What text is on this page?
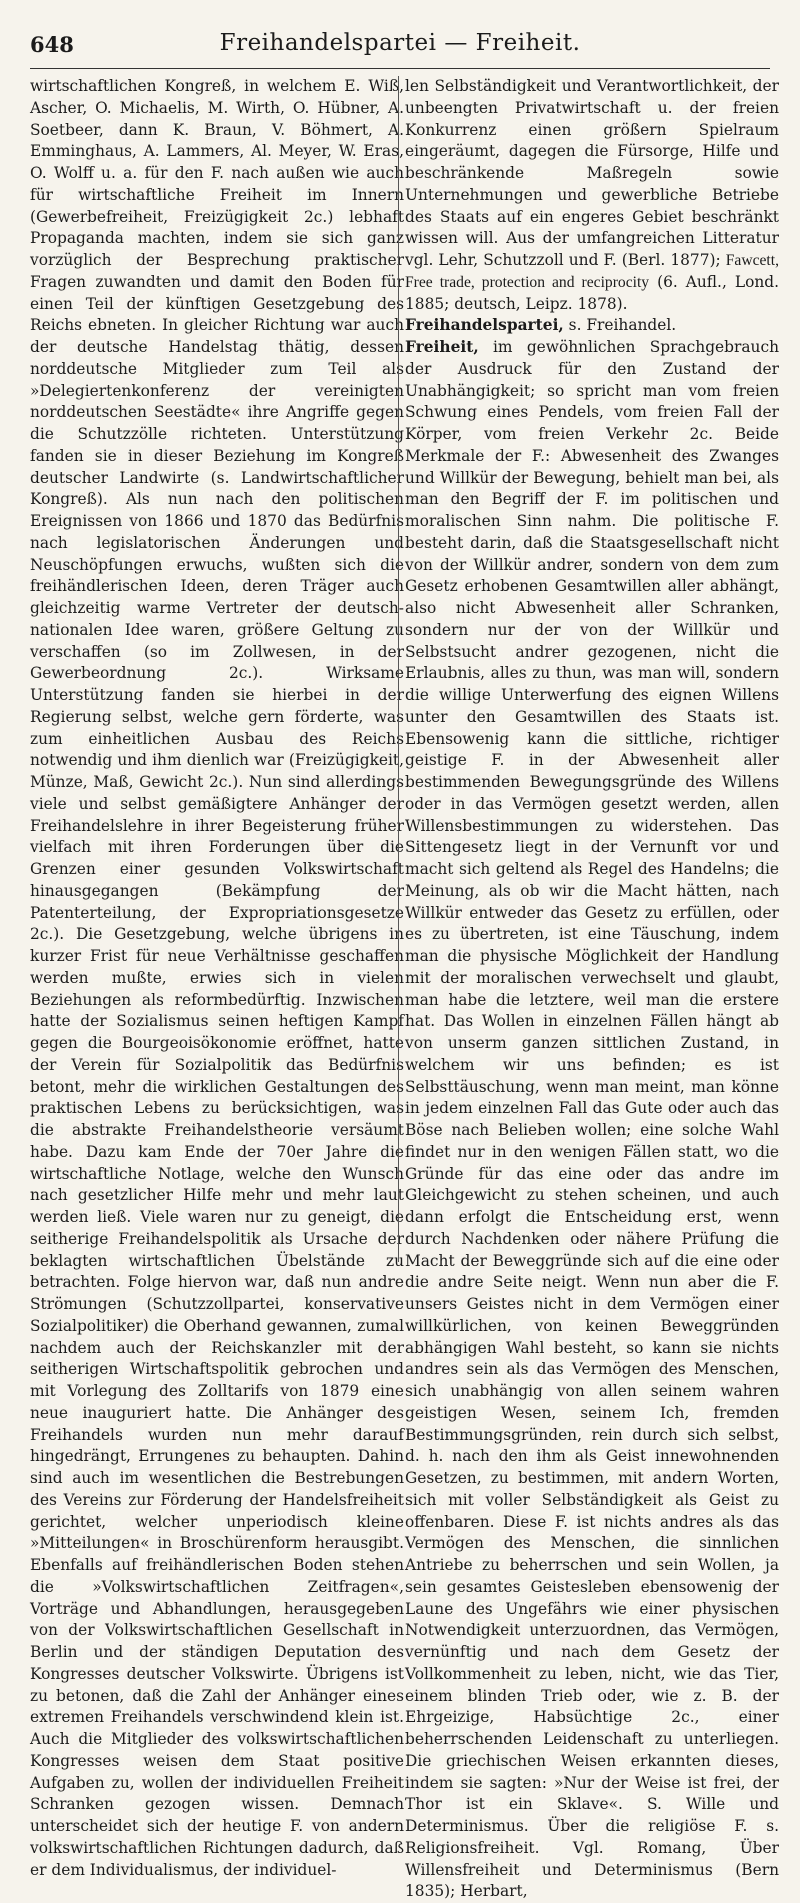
648	Freihandelspartei — Freiheit.

wirtschaftlichen Kongreß, in welchem E. Wiß, Ascher, O. Michaelis, M. Wirth, O. Hübner, A. Soetbeer, dann K. Braun, V. Böhmert, A. Emminghaus, A. Lammers, Al. Meyer, W. Eras, O. Wolff u. a. für den F. nach außen wie auch für wirtschaftliche Freiheit im Innern (Gewerbefreiheit, Freizügigkeit 2c.) lebhaft Propaganda machten, indem sie sich ganz vorzüglich der Besprechung praktischer Fragen zuwandten und damit den Boden für einen Teil der künftigen Gesetzgebung des Reichs ebneten. In gleicher Richtung war auch der deutsche Handelstag thätig, dessen norddeutsche Mitglieder zum Teil als »Delegiertenkonferenz der vereinigten norddeutschen Seestädte« ihre Angriffe gegen die Schutzzölle richteten. Unterstützung fanden sie in dieser Beziehung im Kongreß deutscher Landwirte (s. Landwirtschaftlicher Kongreß). Als nun nach den politischen Ereignissen von 1866 und 1870 das Bedürfnis nach legislatorischen Änderungen und Neuschöpfungen erwuchs, wußten sich die freihändlerischen Ideen, deren Träger auch gleichzeitig warme Vertreter der deutsch-nationalen Idee waren, größere Geltung zu verschaffen (so im Zollwesen, in der Gewerbeordnung 2c.). Wirksame Unterstützung fanden sie hierbei in der Regierung selbst, welche gern förderte, was zum einheitlichen Ausbau des Reichs notwendig und ihm dienlich war (Freizügigkeit, Münze, Maß, Gewicht 2c.). Nun sind allerdings viele und selbst gemäßigtere Anhänger der Freihandelslehre in ihrer Begeisterung früher vielfach mit ihren Forderungen über die Grenzen einer gesunden Volkswirtschaft hinausgegangen (Bekämpfung der Patenterteilung, der Expropriationsgesetze 2c.). Die Gesetzgebung, welche übrigens in kurzer Frist für neue Verhältnisse geschaffen werden mußte, erwies sich in vielen Beziehungen als reformbedürftig. Inzwischen hatte der Sozialismus seinen heftigen Kampf gegen die Bourgeoisökonomie eröffnet, hatte der Verein für Sozialpolitik das Bedürfnis betont, mehr die wirklichen Gestaltungen des praktischen Lebens zu berücksichtigen, was die abstrakte Freihandelstheorie versäumt habe. Dazu kam Ende der 70er Jahre die wirtschaftliche Notlage, welche den Wunsch nach gesetzlicher Hilfe mehr und mehr laut werden ließ. Viele waren nur zu geneigt, die seitherige Freihandelspolitik als Ursache der beklagten wirtschaftlichen Übelstände zu betrachten. Folge hiervon war, daß nun andre Strömungen (Schutzzollpartei, konservative Sozialpolitiker) die Oberhand gewannen, zumal nachdem auch der Reichskanzler mit der seitherigen Wirtschaftspolitik gebrochen und mit Vorlegung des Zolltarifs von 1879 eine neue inauguriert hatte. Die Anhänger des Freihandels wurden nun mehr darauf hingedrängt, Errungenes zu behaupten. Dahin sind auch im wesentlichen die Bestrebungen des Vereins zur Förderung der Handelsfreiheit gerichtet, welcher unperiodisch kleine »Mitteilungen« in Broschürenform herausgibt. Ebenfalls auf freihändlerischen Boden stehen die »Volkswirtschaftlichen Zeitfragen«, Vorträge und Abhandlungen, herausgegeben von der Volkswirtschaftlichen Gesellschaft in Berlin und der ständigen Deputation des Kongresses deutscher Volkswirte. Übrigens ist zu betonen, daß die Zahl der Anhänger eines extremen Freihandels verschwindend klein ist. Auch die Mitglieder des volkswirtschaftlichen Kongresses weisen dem Staat positive Aufgaben zu, wollen der individuellen Freiheit Schranken gezogen wissen. Demnach unterscheidet sich der heutige F. von andern volkswirtschaftlichen Richtungen dadurch, daß er dem Individualismus, der individuel-

len Selbständigkeit und Verantwortlichkeit, der unbeengten Privatwirtschaft u. der freien Konkurrenz einen größern Spielraum eingeräumt, dagegen die Fürsorge, Hilfe und beschränkende Maßregeln sowie Unternehmungen und gewerbliche Betriebe des Staats auf ein engeres Gebiet beschränkt wissen will. Aus der umfangreichen Litteratur vgl. Lehr, Schutzzoll und F. (Berl. 1877); Fawcett, Free trade, protection and reciprocity (6. Aufl., Lond. 1885; deutsch, Leipz. 1878).

Freihandelspartei, s. Freihandel.

Freiheit, im gewöhnlichen Sprachgebrauch der Ausdruck für den Zustand der Unabhängigkeit; so spricht man vom freien Schwung eines Pendels, vom freien Fall der Körper, vom freien Verkehr 2c. Beide Merkmale der F.: Abwesenheit des Zwanges und Willkür der Bewegung, behielt man bei, als man den Begriff der F. im politischen und moralischen Sinn nahm. Die politische F. besteht darin, daß die Staatsgesellschaft nicht von der Willkür andrer, sondern von dem zum Gesetz erhobenen Gesamtwillen aller abhängt, also nicht Abwesenheit aller Schranken, sondern nur der von der Willkür und Selbstsucht andrer gezogenen, nicht die Erlaubnis, alles zu thun, was man will, sondern die willige Unterwerfung des eignen Willens unter den Gesamtwillen des Staats ist. Ebensowenig kann die sittliche, richtiger geistige F. in der Abwesenheit aller bestimmenden Bewegungsgründe des Willens oder in das Vermögen gesetzt werden, allen Willensbestimmungen zu widerstehen. Das Sittengesetz liegt in der Vernunft vor und macht sich geltend als Regel des Handelns; die Meinung, als ob wir die Macht hätten, nach Willkür entweder das Gesetz zu erfüllen, oder es zu übertreten, ist eine Täuschung, indem man die physische Möglichkeit der Handlung mit der moralischen verwechselt und glaubt, man habe die letztere, weil man die erstere hat. Das Wollen in einzelnen Fällen hängt ab von unserm ganzen sittlichen Zustand, in welchem wir uns befinden; es ist Selbsttäuschung, wenn man meint, man könne in jedem einzelnen Fall das Gute oder auch das Böse nach Belieben wollen; eine solche Wahl findet nur in den wenigen Fällen statt, wo die Gründe für das eine oder das andre im Gleichgewicht zu stehen scheinen, und auch dann erfolgt die Entscheidung erst, wenn durch Nachdenken oder nähere Prüfung die Macht der Beweggründe sich auf die eine oder die andre Seite neigt. Wenn nun aber die F. unsers Geistes nicht in dem Vermögen einer willkürlichen, von keinen Beweggründen abhängigen Wahl besteht, so kann sie nichts andres sein als das Vermögen des Menschen, sich unabhängig von allen seinem wahren geistigen Wesen, seinem Ich, fremden Bestimmungsgründen, rein durch sich selbst, d. h. nach den ihm als Geist innewohnenden Gesetzen, zu bestimmen, mit andern Worten, sich mit voller Selbständigkeit als Geist zu offenbaren. Diese F. ist nichts andres als das Vermögen des Menschen, die sinnlichen Antriebe zu beherrschen und sein Wollen, ja sein gesamtes Geistesleben ebensowenig der Laune des Ungefährs wie einer physischen Notwendigkeit unterzuordnen, das Vermögen, vernünftig und nach dem Gesetz der Vollkommenheit zu leben, nicht, wie das Tier, einem blinden Trieb oder, wie z. B. der Ehrgeizige, Habsüchtige 2c., einer beherrschenden Leidenschaft zu unterliegen. Die griechischen Weisen erkannten dieses, indem sie sagten: »Nur der Weise ist frei, der Thor ist ein Sklave«. S. Wille und Determinismus. Über die religiöse F. s. Religionsfreiheit. Vgl. Romang, Über Willensfreiheit und Determinismus (Bern 1835); Herbart,
